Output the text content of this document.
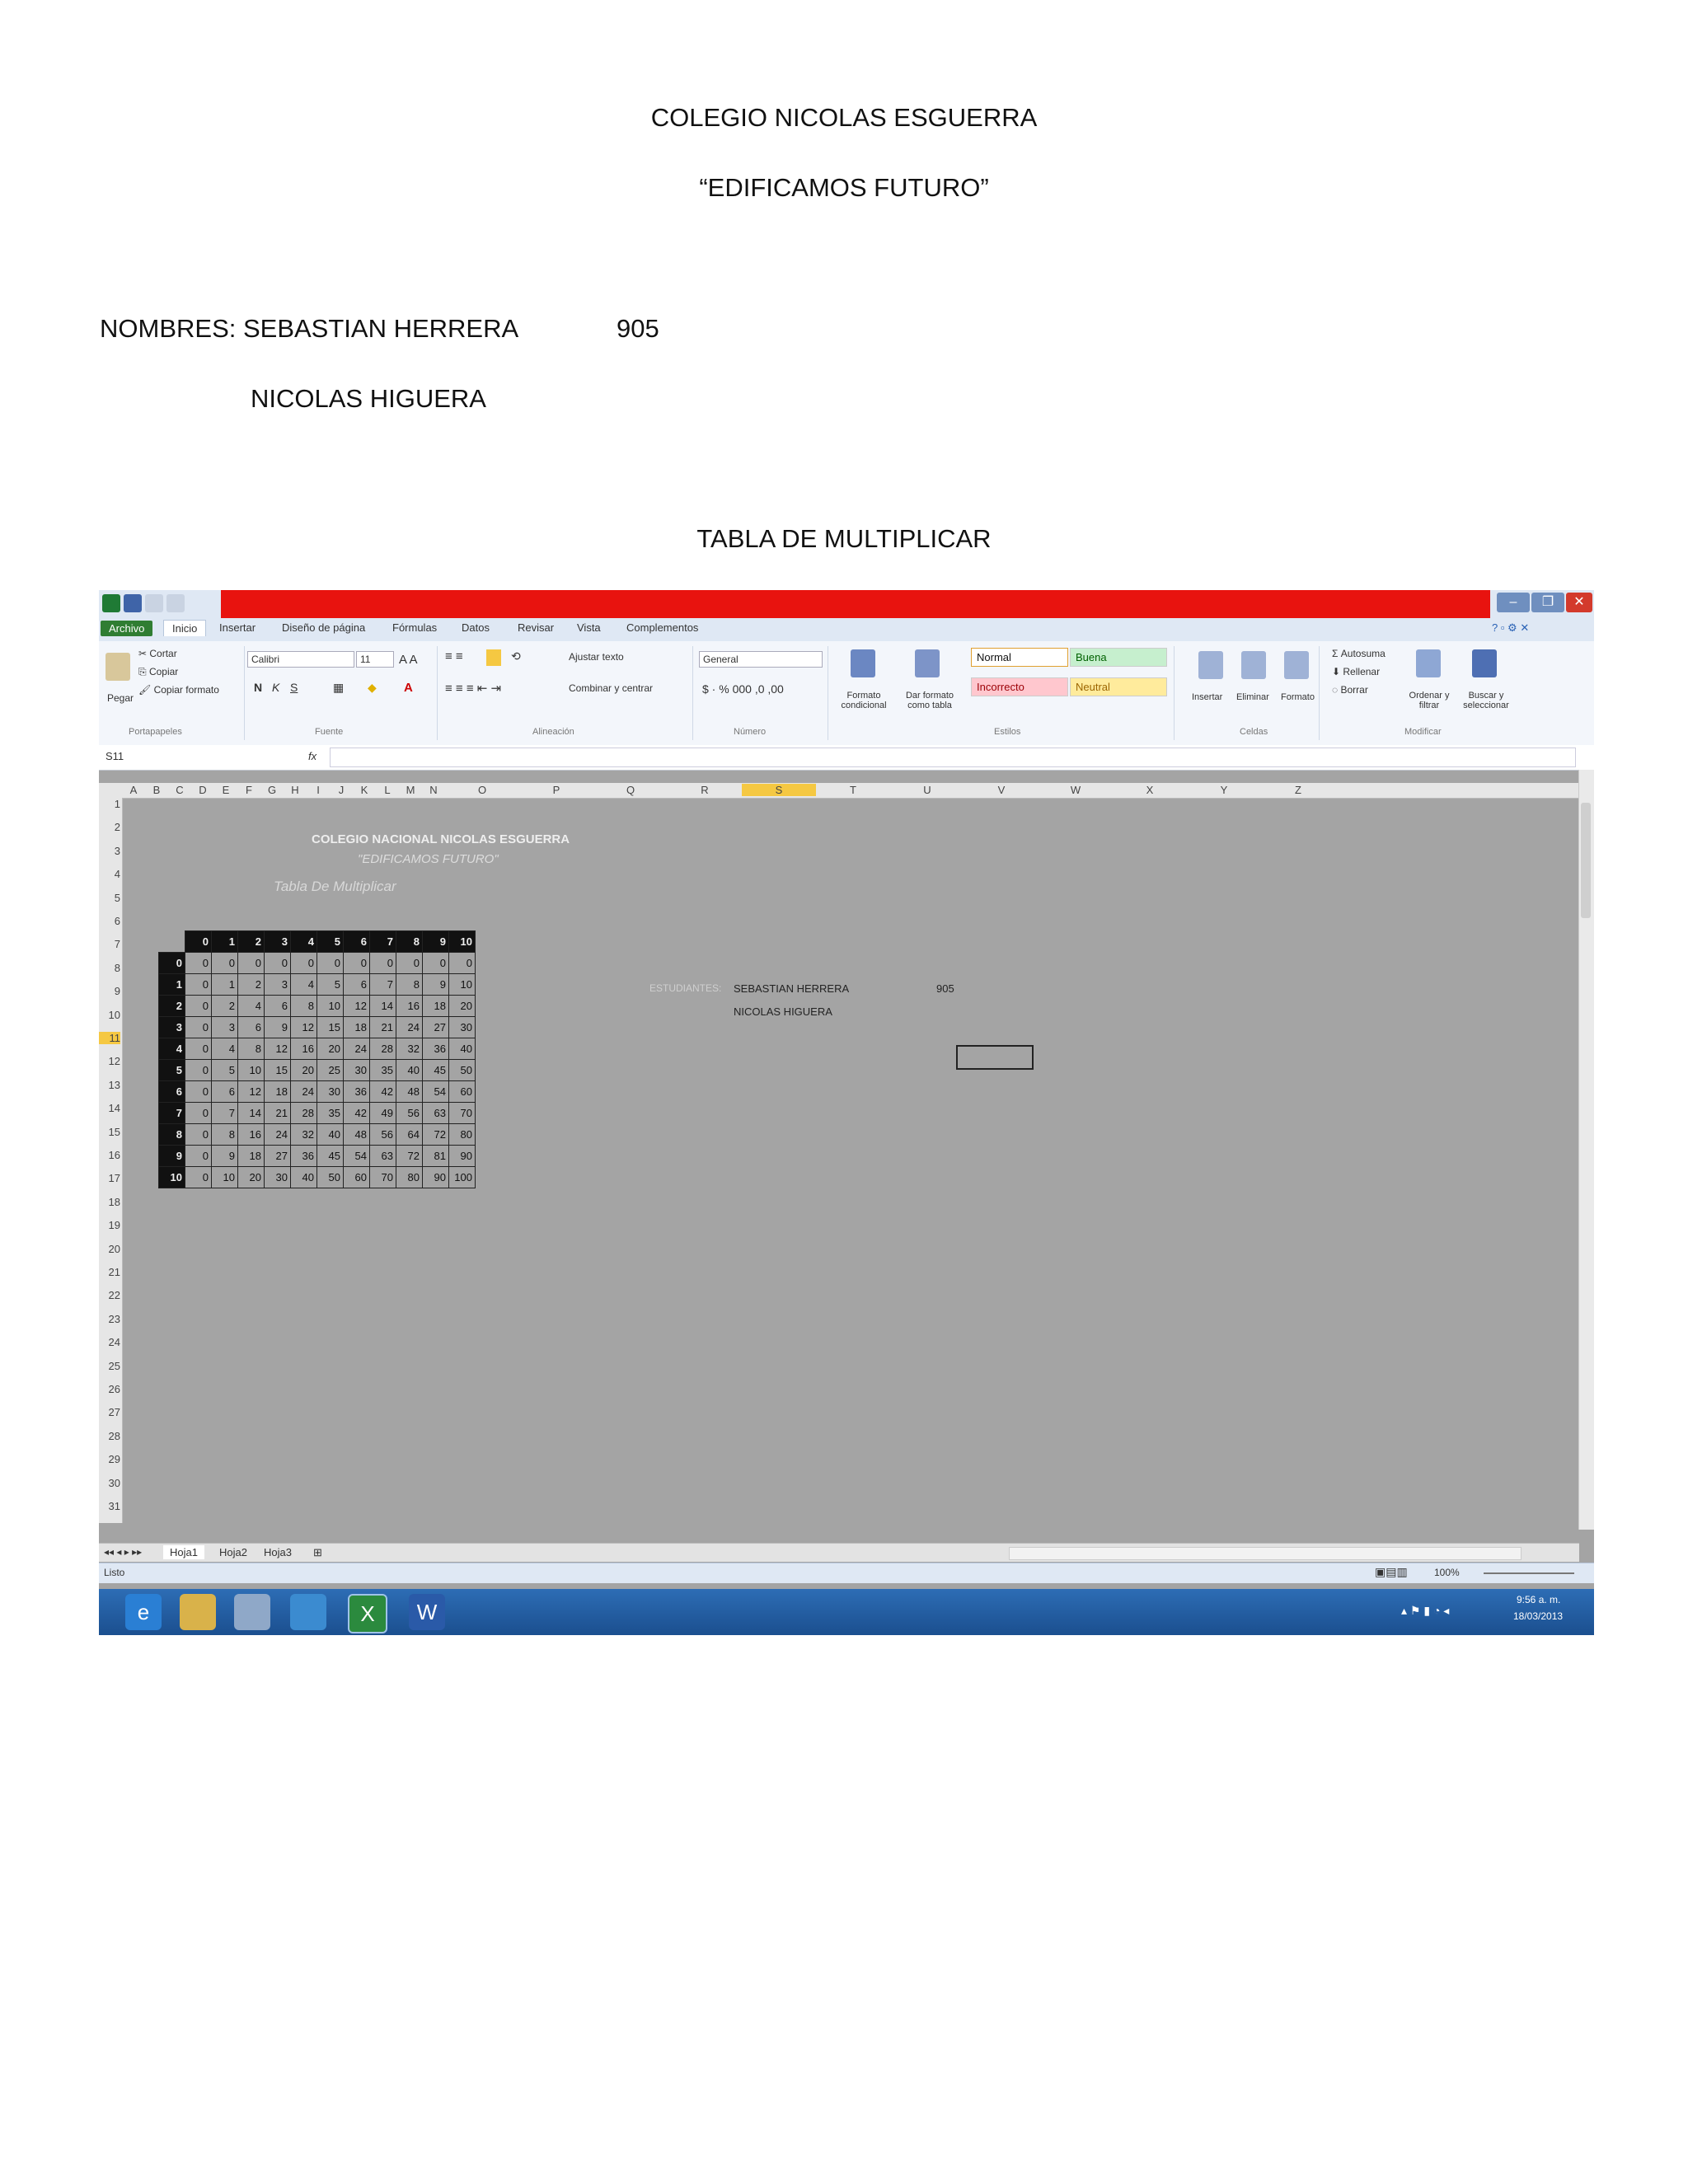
COLEGIO NICOLAS ESGUERRA
“EDIFICAMOS FUTURO”
NOMBRES: SEBASTIAN HERRERA	905
NICOLAS HIGUERA
TABLA DE MULTIPLICAR
–	❐	✕
Archivo	Inicio	Insertar Diseño de página	Fórmulas Datos	Revisar Vista Complementos	? ▫ ⚙ ✕
Pegar
✂ Cortar
⎘ Copiar
🖌 Copiar formato
Portapapeles
Calibri	11	A A
N K S	▦ ◆ A
Fuente
≡ ≡	⟲
≡ ≡ ≡ ⇤ ⇥
Ajustar texto
Combinar y centrar
Alineación
General
$ · % 000 ,0 ,00
Número
Formato condicional
Dar formato como tabla
Normal	Buena
Incorrecto	Neutral
Estilos
Insertar Eliminar Formato
Celdas
Σ Autosuma
⬇ Rellenar
◌ Borrar	Ordenar y filtrar
Buscar y seleccionar
Modificar
S11	fx
A	B	C	D	E	F	G	H	I	J	K	L	M	N	O	P	Q	R	S	T	U	V	W	X	Y	Z
1
2
3
4
5
6
7
8
9
10
11
12
13
14
15
16
17
18
19
20
21
22
23
24
25
26
27
28
29
30
31
COLEGIO NACIONAL NICOLAS ESGUERRA
"EDIFICAMOS FUTURO"
Tabla De Multiplicar
	0	1	2	3	4	5	6	7	8	9	10
0	0	0	0	0	0	0	0	0	0	0	0
1	0	1	2	3	4	5	6	7	8	9	10
2	0	2	4	6	8	10	12	14	16	18	20
3	0	3	6	9	12	15	18	21	24	27	30
4	0	4	8	12	16	20	24	28	32	36	40
5	0	5	10	15	20	25	30	35	40	45	50
6	0	6	12	18	24	30	36	42	48	54	60
7	0	7	14	21	28	35	42	49	56	63	70
8	0	8	16	24	32	40	48	56	64	72	80
9	0	9	18	27	36	45	54	63	72	81	90
10	0	10	20	30	40	50	60	70	80	90	100
ESTUDIANTES: SEBASTIAN HERRERA
NICOLAS HIGUERA
905
◂◂ ◂ ▸ ▸▸	Hoja1	Hoja2 Hoja3 ⊞
Listo	▣▤▥	100%
e	X	W	▴ ⚑ ▮ ◔ ◂
9:56 a. m.
18/03/2013
